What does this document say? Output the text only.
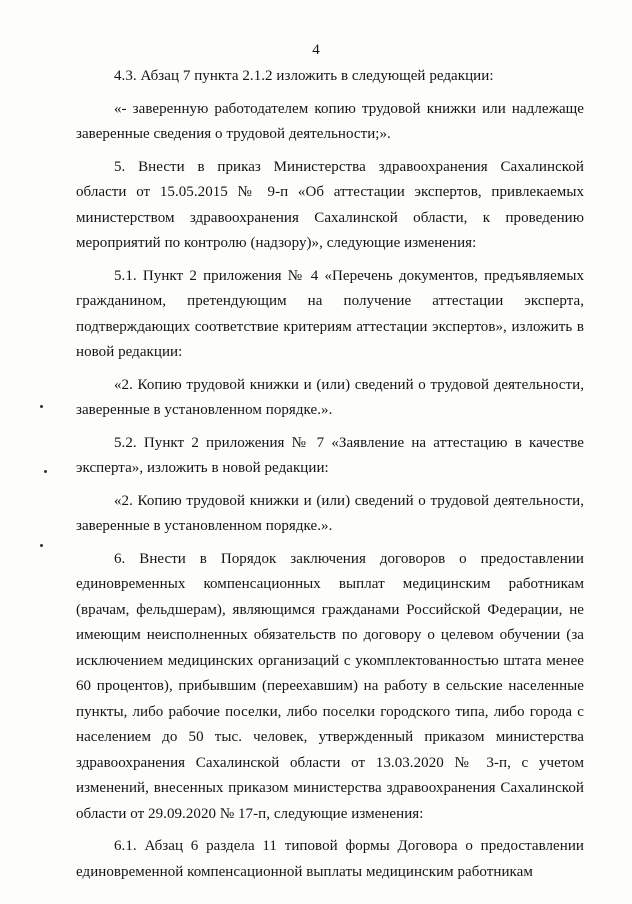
4

4.3. Абзац 7 пункта 2.1.2 изложить в следующей редакции:

«- заверенную работодателем копию трудовой книжки или надлежаще заверенные сведения о трудовой деятельности;».

5. Внести в приказ Министерства здравоохранения Сахалинской области от 15.05.2015 № 9-п «Об аттестации экспертов, привлекаемых министерством здравоохранения Сахалинской области, к проведению мероприятий по контролю (надзору)», следующие изменения:

5.1. Пункт 2 приложения № 4 «Перечень документов, предъявляемых гражданином, претендующим на получение аттестации эксперта, подтверждающих соответствие критериям аттестации экспертов», изложить в новой редакции:

«2. Копию трудовой книжки и (или) сведений о трудовой деятельности, заверенные в установленном порядке.».

5.2. Пункт 2 приложения № 7 «Заявление на аттестацию в качестве эксперта», изложить в новой редакции:

«2. Копию трудовой книжки и (или) сведений о трудовой деятельности, заверенные в установленном порядке.».

6. Внести в Порядок заключения договоров о предоставлении единовременных компенсационных выплат медицинским работникам (врачам, фельдшерам), являющимся гражданами Российской Федерации, не имеющим неисполненных обязательств по договору о целевом обучении (за исключением медицинских организаций с укомплектованностью штата менее 60 процентов), прибывшим (переехавшим) на работу в сельские населенные пункты, либо рабочие поселки, либо поселки городского типа, либо города с населением до 50 тыс. человек, утвержденный приказом министерства здравоохранения Сахалинской области от 13.03.2020 № 3-п, с учетом изменений, внесенных приказом министерства здравоохранения Сахалинской области от 29.09.2020 № 17-п, следующие изменения:

6.1. Абзац 6 раздела 11 типовой формы Договора о предоставлении единовременной компенсационной выплаты медицинским работникам
